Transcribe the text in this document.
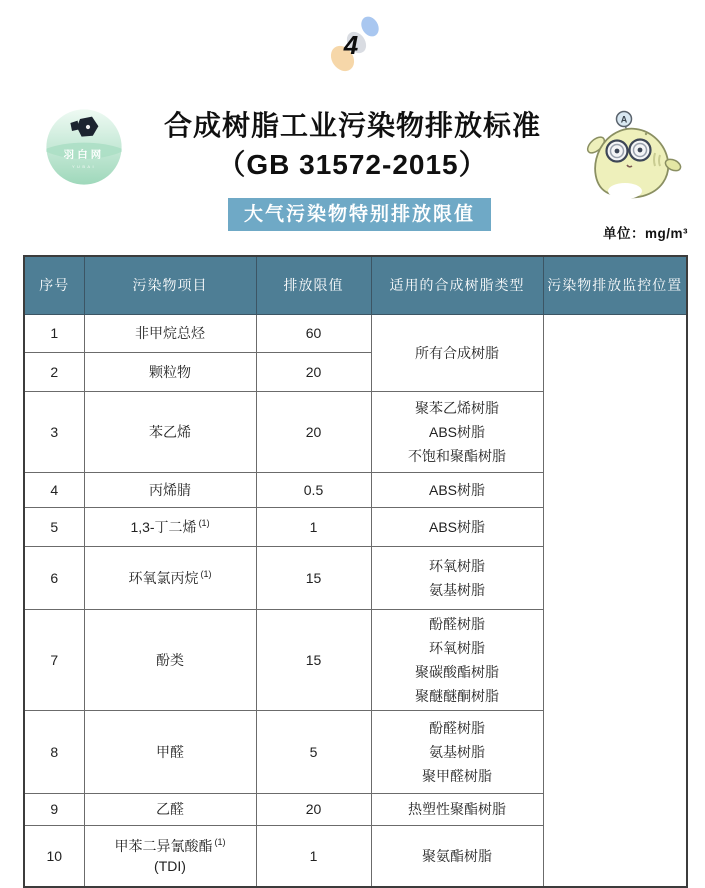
4
羽白网
YUBAI
合成树脂工业污染物排放标准
（GB 31572-2015）
A
大气污染物特别排放限值
单位：mg/m³
序号	污染物项目	排放限值	适用的合成树脂类型	污染物排放监控位置
1	非甲烷总烃	60	所有合成树脂	

2	颗粒物	20		
3	苯乙烯	20	聚苯乙烯树脂
ABS树脂
不饱和聚酯树脂	

4	丙烯腈	0.5	ABS树脂	

5	1,3-丁二烯 $^{(1)}$	1	ABS树脂	

6	环氧氯丙烷 $^{(1)}$	15	环氧树脂
氨基树脂	

7	酚类	15	酚醛树脂
环氧树脂
聚碳酸酯树脂
聚醚醚酮树脂	

8	甲醛	5	酚醛树脂
氨基树脂
聚甲醛树脂	

9	乙醛	20	热塑性聚酯树脂	

10	甲苯二异氰酸酯 $^{(1)}$
(TDI)	1	聚氨酯树脂	
